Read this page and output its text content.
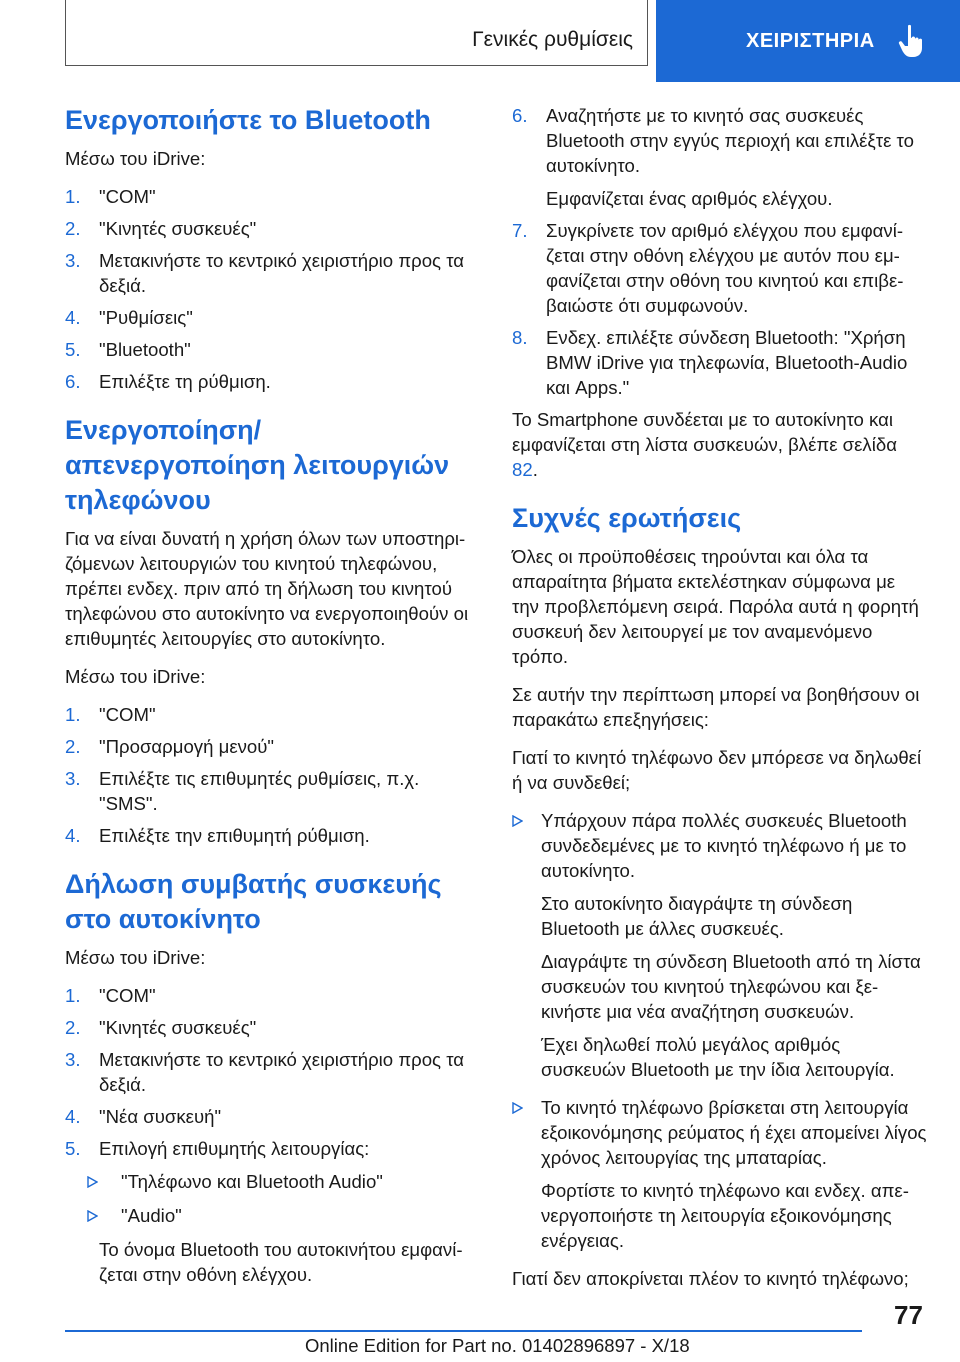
Γενικές ρυθμίσεις	ΧΕΙΡΙΣΤΗΡΙΑ
Ενεργοποιήστε το Bluetooth

Μέσω του iDrive:

1. "COM"
2. "Κινητές συσκευές"
3. Μετακινήστε το κεντρικό χειριστήριο προς τα δεξιά.
4. "Ρυθμίσεις"
5. "Bluetooth"
6. Επιλέξτε τη ρύθμιση.
Ενεργοποίηση/απενεργοποίηση λειτουργιών τηλεφώνου

Για να είναι δυνατή η χρήση όλων των υποστηριζόμενων λειτουργιών του κινητού τηλεφώνου, πρέπει ενδεχ. πριν από τη δήλωση του κινητού τηλεφώνου στο αυτοκίνητο να ενεργοποιηθούν οι επιθυμητές λειτουργίες στο αυτοκίνητο.

Μέσω του iDrive:

1. "COM"
2. "Προσαρμογή μενού"
3. Επιλέξτε τις επιθυμητές ρυθμίσεις, π.χ. "SMS".
4. Επιλέξτε την επιθυμητή ρύθμιση.
Δήλωση συμβατής συσκευής στο αυτοκίνητο

Μέσω του iDrive:

1. "COM"
2. "Κινητές συσκευές"
3. Μετακινήστε το κεντρικό χειριστήριο προς τα δεξιά.
4. "Νέα συσκευή"
5. Επιλογή επιθυμητής λειτουργίας:
"Τηλέφωνο και Bluetooth Audio"
"Audio"

Το όνομα Bluetooth του αυτοκινήτου εμφανίζεται στην οθόνη ελέγχου.

6. Αναζητήστε με το κινητό σας συσκευές Bluetooth στην εγγύς περιοχή και επιλέξτε το αυτοκίνητο.

Εμφανίζεται ένας αριθμός ελέγχου.

7. Συγκρίνετε τον αριθμό ελέγχου που εμφανίζεται στην οθόνη ελέγχου με αυτόν που εμφανίζεται στην οθόνη του κινητού και επιβεβαιώστε ότι συμφωνούν.
8. Ενδεχ. επιλέξτε σύνδεση Bluetooth: "Χρήση BMW iDrive για τηλεφωνία, Bluetooth-Audio και Apps."

Το Smartphone συνδέεται με το αυτοκίνητο και εμφανίζεται στη λίστα συσκευών, βλέπε σελίδα 82.

Συχνές ερωτήσεις

Όλες οι προϋποθέσεις τηρούνται και όλα τα απαραίτητα βήματα εκτελέστηκαν σύμφωνα με την προβλεπόμενη σειρά. Παρόλα αυτά η φορητή συσκευή δεν λειτουργεί με τον αναμενόμενο τρόπο.

Σε αυτήν την περίπτωση μπορεί να βοηθήσουν οι παρακάτω επεξηγήσεις:

Γιατί το κινητό τηλέφωνο δεν μπόρεσε να δηλωθεί ή να συνδεθεί;

Υπάρχουν πάρα πολλές συσκευές Bluetooth συνδεδεμένες με το κινητό τηλέφωνο ή με το αυτοκίνητο.

Στο αυτοκίνητο διαγράψτε τη σύνδεση Bluetooth με άλλες συσκευές.

Διαγράψτε τη σύνδεση Bluetooth από τη λίστα συσκευών του κινητού τηλεφώνου και ξεκινήστε μια νέα αναζήτηση συσκευών.

Έχει δηλωθεί πολύ μεγάλος αριθμός συσκευών Bluetooth με την ίδια λειτουργία.

Το κινητό τηλέφωνο βρίσκεται στη λειτουργία εξοικονόμησης ρεύματος ή έχει απομείνει λίγος χρόνος λειτουργίας της μπαταρίας.

Φορτίστε το κινητό τηλέφωνο και ενδεχ. απενεργοποιήστε τη λειτουργία εξοικονόμησης ενέργειας.

Γιατί δεν αποκρίνεται πλέον το κινητό τηλέφωνο;

77
Online Edition for Part no. 01402896897 - X/18
